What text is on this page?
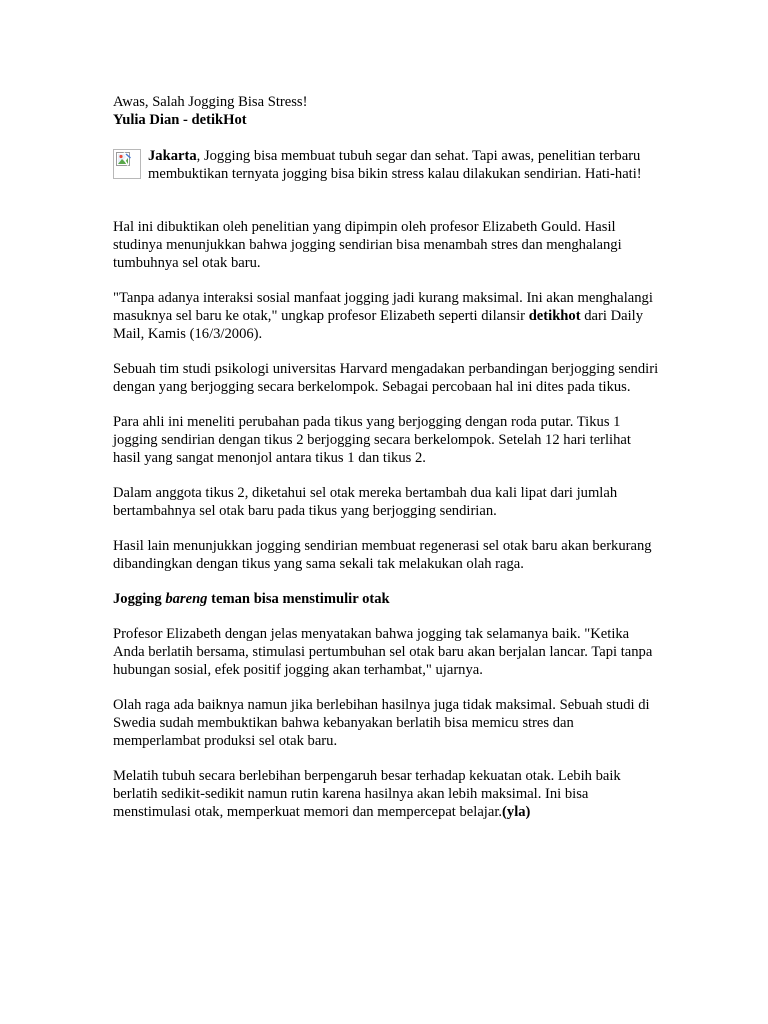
Awas, Salah Jogging Bisa Stress!

Yulia Dian - detikHot

Jakarta, Jogging bisa membuat tubuh segar dan sehat. Tapi awas, penelitian terbaru membuktikan ternyata jogging bisa bikin stress kalau dilakukan sendirian. Hati-hati!

Hal ini dibuktikan oleh penelitian yang dipimpin oleh profesor Elizabeth Gould. Hasil studinya menunjukkan bahwa jogging sendirian bisa menambah stres dan menghalangi tumbuhnya sel otak baru.

"Tanpa adanya interaksi sosial manfaat jogging jadi kurang maksimal. Ini akan menghalangi masuknya sel baru ke otak," ungkap profesor Elizabeth seperti dilansir detikhot dari Daily Mail, Kamis (16/3/2006).

Sebuah tim studi psikologi universitas Harvard mengadakan perbandingan berjogging sendiri dengan yang berjogging secara berkelompok. Sebagai percobaan hal ini dites pada tikus.

Para ahli ini meneliti perubahan pada tikus yang berjogging dengan roda putar. Tikus 1 jogging sendirian dengan tikus 2 berjogging secara berkelompok. Setelah 12 hari terlihat hasil yang sangat menonjol antara tikus 1 dan tikus 2.

Dalam anggota tikus 2, diketahui sel otak mereka bertambah dua kali lipat dari jumlah bertambahnya sel otak baru pada tikus yang berjogging sendirian.

Hasil lain menunjukkan jogging sendirian membuat regenerasi sel otak baru akan berkurang dibandingkan dengan tikus yang sama sekali tak melakukan olah raga.

Jogging bareng teman bisa menstimulir otak

Profesor Elizabeth dengan jelas menyatakan bahwa jogging tak selamanya baik. "Ketika Anda berlatih bersama, stimulasi pertumbuhan sel otak baru akan berjalan lancar. Tapi tanpa hubungan sosial, efek positif jogging akan terhambat," ujarnya.

Olah raga ada baiknya namun jika berlebihan hasilnya juga tidak maksimal. Sebuah studi di Swedia sudah membuktikan bahwa kebanyakan berlatih bisa memicu stres dan memperlambat produksi sel otak baru.

Melatih tubuh secara berlebihan berpengaruh besar terhadap kekuatan otak. Lebih baik berlatih sedikit-sedikit namun rutin karena hasilnya akan lebih maksimal. Ini bisa menstimulasi otak, memperkuat memori dan mempercepat belajar.(yla)
